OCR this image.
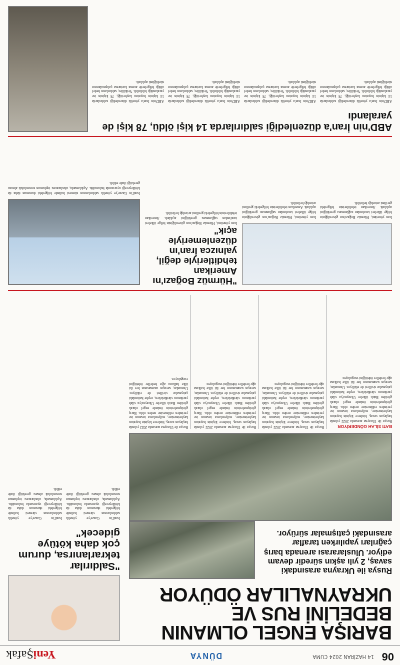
06
14 HAZİRAN 2024 CUMA
DÜNYA
YeniŞafak
BARIŞA ENGEL OLMANIN BEDELİNİ RUS VE UKRAYNALILAR ÖDÜYOR
Rusya ile Ukrayna arasındaki savaş, 2 yılı aşkın süredir devam ediyor. Uluslararası arenada barış çağrıları yapılırken taraflar arasındaki çatışmalar sürüyor.
BATI SİLAH GÖNDERİYOR
Rusya ile Ukrayna arasında 2022 yılında başlayan savaş, binlerce kişinin hayatını kaybetmesine, milyonlarca insanın ise yerinden edilmesine neden oldu. Barış görüşmelerinin önünde engel olarak görülen Batılı ülkeler Ukrayna'ya silah yardımını sürdürürken, cephe hattındaki çatışmalar sivilleri de etkiliyor. Uzmanlar, savaşın uzamasının her iki ülke halkına ağır bedeller ödettiğini vurguluyor.
Rusya ile Ukrayna arasında 2022 yılında başlayan savaş, binlerce kişinin hayatını kaybetmesine, milyonlarca insanın ise yerinden edilmesine neden oldu. Barış görüşmelerinin önünde engel olarak görülen Batılı ülkeler Ukrayna'ya silah yardımını sürdürürken, cephe hattındaki çatışmalar sivilleri de etkiliyor. Uzmanlar, savaşın uzamasının her iki ülke halkına ağır bedeller ödettiğini vurguluyor.
Rusya ile Ukrayna arasında 2022 yılında başlayan savaş, binlerce kişinin hayatını kaybetmesine, milyonlarca insanın ise yerinden edilmesine neden oldu. Barış görüşmelerinin önünde engel olarak görülen Batılı ülkeler Ukrayna'ya silah yardımını sürdürürken, cephe hattındaki çatışmalar sivilleri de etkiliyor. Uzmanlar, savaşın uzamasının her iki ülke halkına ağır bedeller ödettiğini vurguluyor.
Rusya ile Ukrayna arasında 2022 yılında başlayan savaş, binlerce kişinin hayatını kaybetmesine, milyonlarca insanın ise yerinden edilmesine neden oldu. Barış görüşmelerinin önünde engel olarak görülen Batılı ülkeler Ukrayna'ya silah yardımını sürdürürken, cephe hattındaki çatışmalar sivilleri de etkiliyor. Uzmanlar, savaşın uzamasının her iki ülke halkına ağır bedeller ödettiğini vurguluyor.
"Saldırılar tekrarlanırsa, durum çok daha kötüye gidecek"
İsrail'in Gazze'ye yönelik saldırılarının sürmesi halinde bölgedeki durumun daha da kötüleşeceği uyarısında bulunuldu. Açıklamada, uluslararası toplumun sorumluluk alması gerektiği ifade edildi.
İsrail'in Gazze'ye yönelik saldırılarının sürmesi halinde bölgedeki durumun daha da kötüleşeceği uyarısında bulunuldu. Açıklamada, uluslararası toplumun sorumluluk alması gerektiği ifade edildi.
"Hürmüz Boğazı'nı Amerikan tehditleriyle değil, yalnızca İran'ın düzenlemeriyle açık"
İran yönetimi, Hürmüz Boğazı'nın güvenliğinin bölge ülkeleri tarafından sağlanması gerektiğini açıkladı. Amerikan tehditlerinin bölgedeki gerilimi artırdığı belirtildi.
İran yönetimi, Hürmüz Boğazı'nın güvenliğinin bölge ülkeleri tarafından sağlanması gerektiğini açıkladı. Amerikan tehditlerinin bölgedeki gerilimi artırdığı belirtildi.
İran yönetimi, Hürmüz Boğazı'nın güvenliğinin bölge ülkeleri tarafından sağlanması gerektiğini açıkladı. Amerikan tehditlerinin bölgedeki gerilimi artırdığı belirtildi.
İsrail'in Gazze'ye yönelik saldırılarının sürmesi halinde bölgedeki durumun daha da kötüleşeceği uyarısında bulunuldu. Açıklamada, uluslararası toplumun sorumluluk alması gerektiği ifade edildi.
ABD'nin İran'a düzenlediği saldırılarda 14 kişi öldü, 78 kişi de yaralandı
ABD'nin İran'a yönelik düzenlediği saldırılarda 14 kişinin hayatını kaybettiği, 78 kişinin ise yaralandığı bildirildi. Yetkililer, saldırıların hedef aldığı bölgelerde arama kurtarma çalışmalarının sürdüğünü açıkladı.
ABD'nin İran'a yönelik düzenlediği saldırılarda 14 kişinin hayatını kaybettiği, 78 kişinin ise yaralandığı bildirildi. Yetkililer, saldırıların hedef aldığı bölgelerde arama kurtarma çalışmalarının sürdüğünü açıkladı.
ABD'nin İran'a yönelik düzenlediği saldırılarda 14 kişinin hayatını kaybettiği, 78 kişinin ise yaralandığı bildirildi. Yetkililer, saldırıların hedef aldığı bölgelerde arama kurtarma çalışmalarının sürdüğünü açıkladı.
ABD'nin İran'a yönelik düzenlediği saldırılarda 14 kişinin hayatını kaybettiği, 78 kişinin ise yaralandığı bildirildi. Yetkililer, saldırıların hedef aldığı bölgelerde arama kurtarma çalışmalarının sürdüğünü açıkladı.
